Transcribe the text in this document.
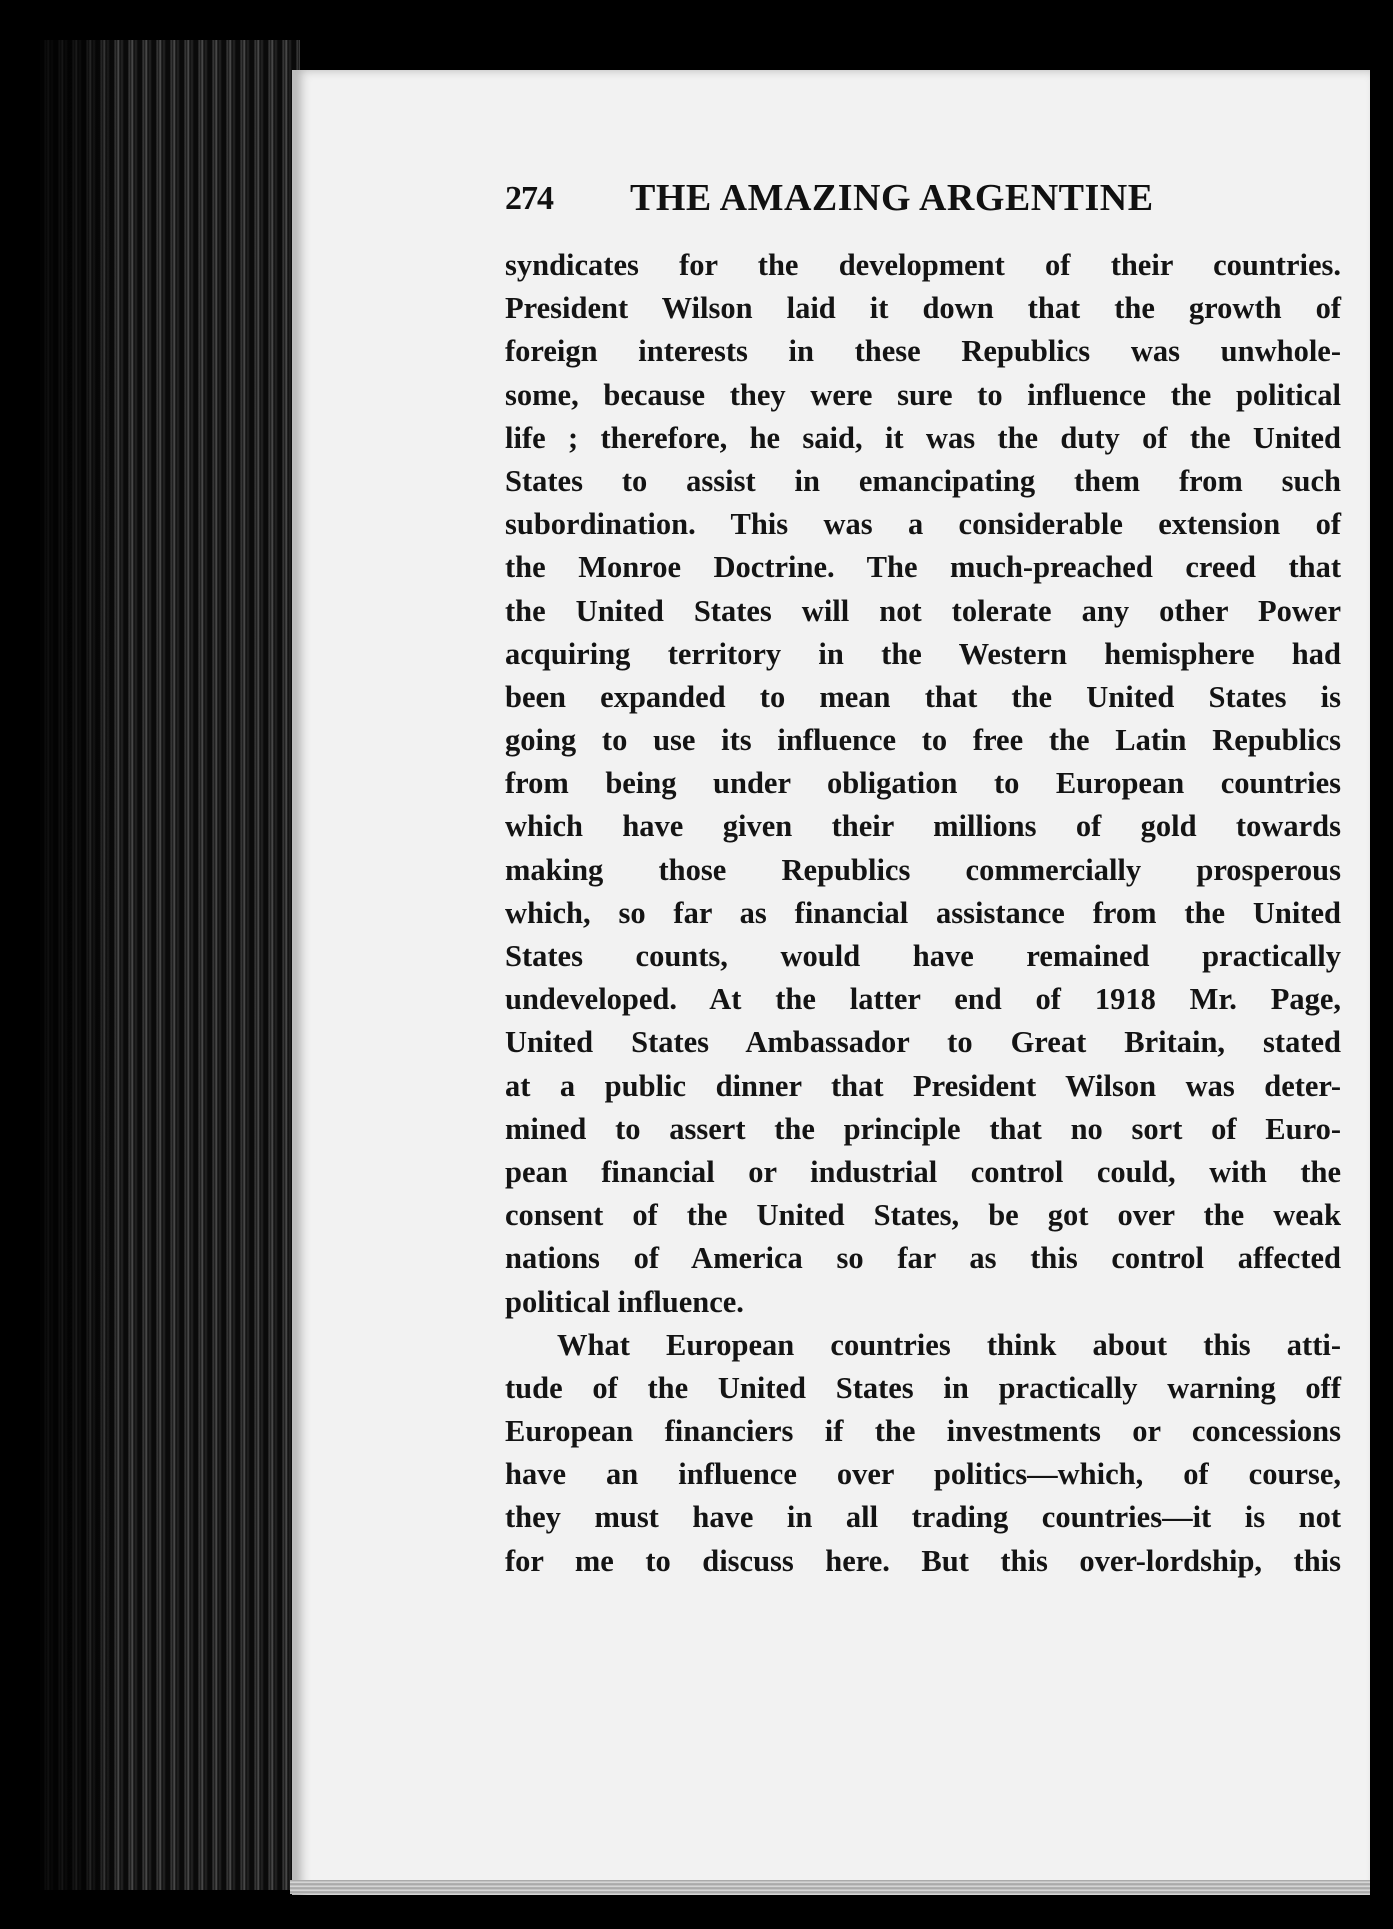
274 THE AMAZING ARGENTINE
syndicates for the development of their countries.
President Wilson laid it down that the growth of
foreign interests in these Republics was unwhole-
some, because they were sure to influence the political
life ; therefore, he said, it was the duty of the United
States to assist in emancipating them from such
subordination. This was a considerable extension of
the Monroe Doctrine. The much-preached creed that
the United States will not tolerate any other Power
acquiring territory in the Western hemisphere had
been expanded to mean that the United States is
going to use its influence to free the Latin Republics
from being under obligation to European countries
which have given their millions of gold towards
making those Republics commercially prosperous
which, so far as financial assistance from the United
States counts, would have remained practically
undeveloped. At the latter end of 1918 Mr. Page,
United States Ambassador to Great Britain, stated
at a public dinner that President Wilson was deter-
mined to assert the principle that no sort of Euro-
pean financial or industrial control could, with the
consent of the United States, be got over the weak
nations of America so far as this control affected
political influence.
What European countries think about this atti-
tude of the United States in practically warning off
European financiers if the investments or concessions
have an influence over politics—which, of course,
they must have in all trading countries—it is not
for me to discuss here. But this over-lordship, this
